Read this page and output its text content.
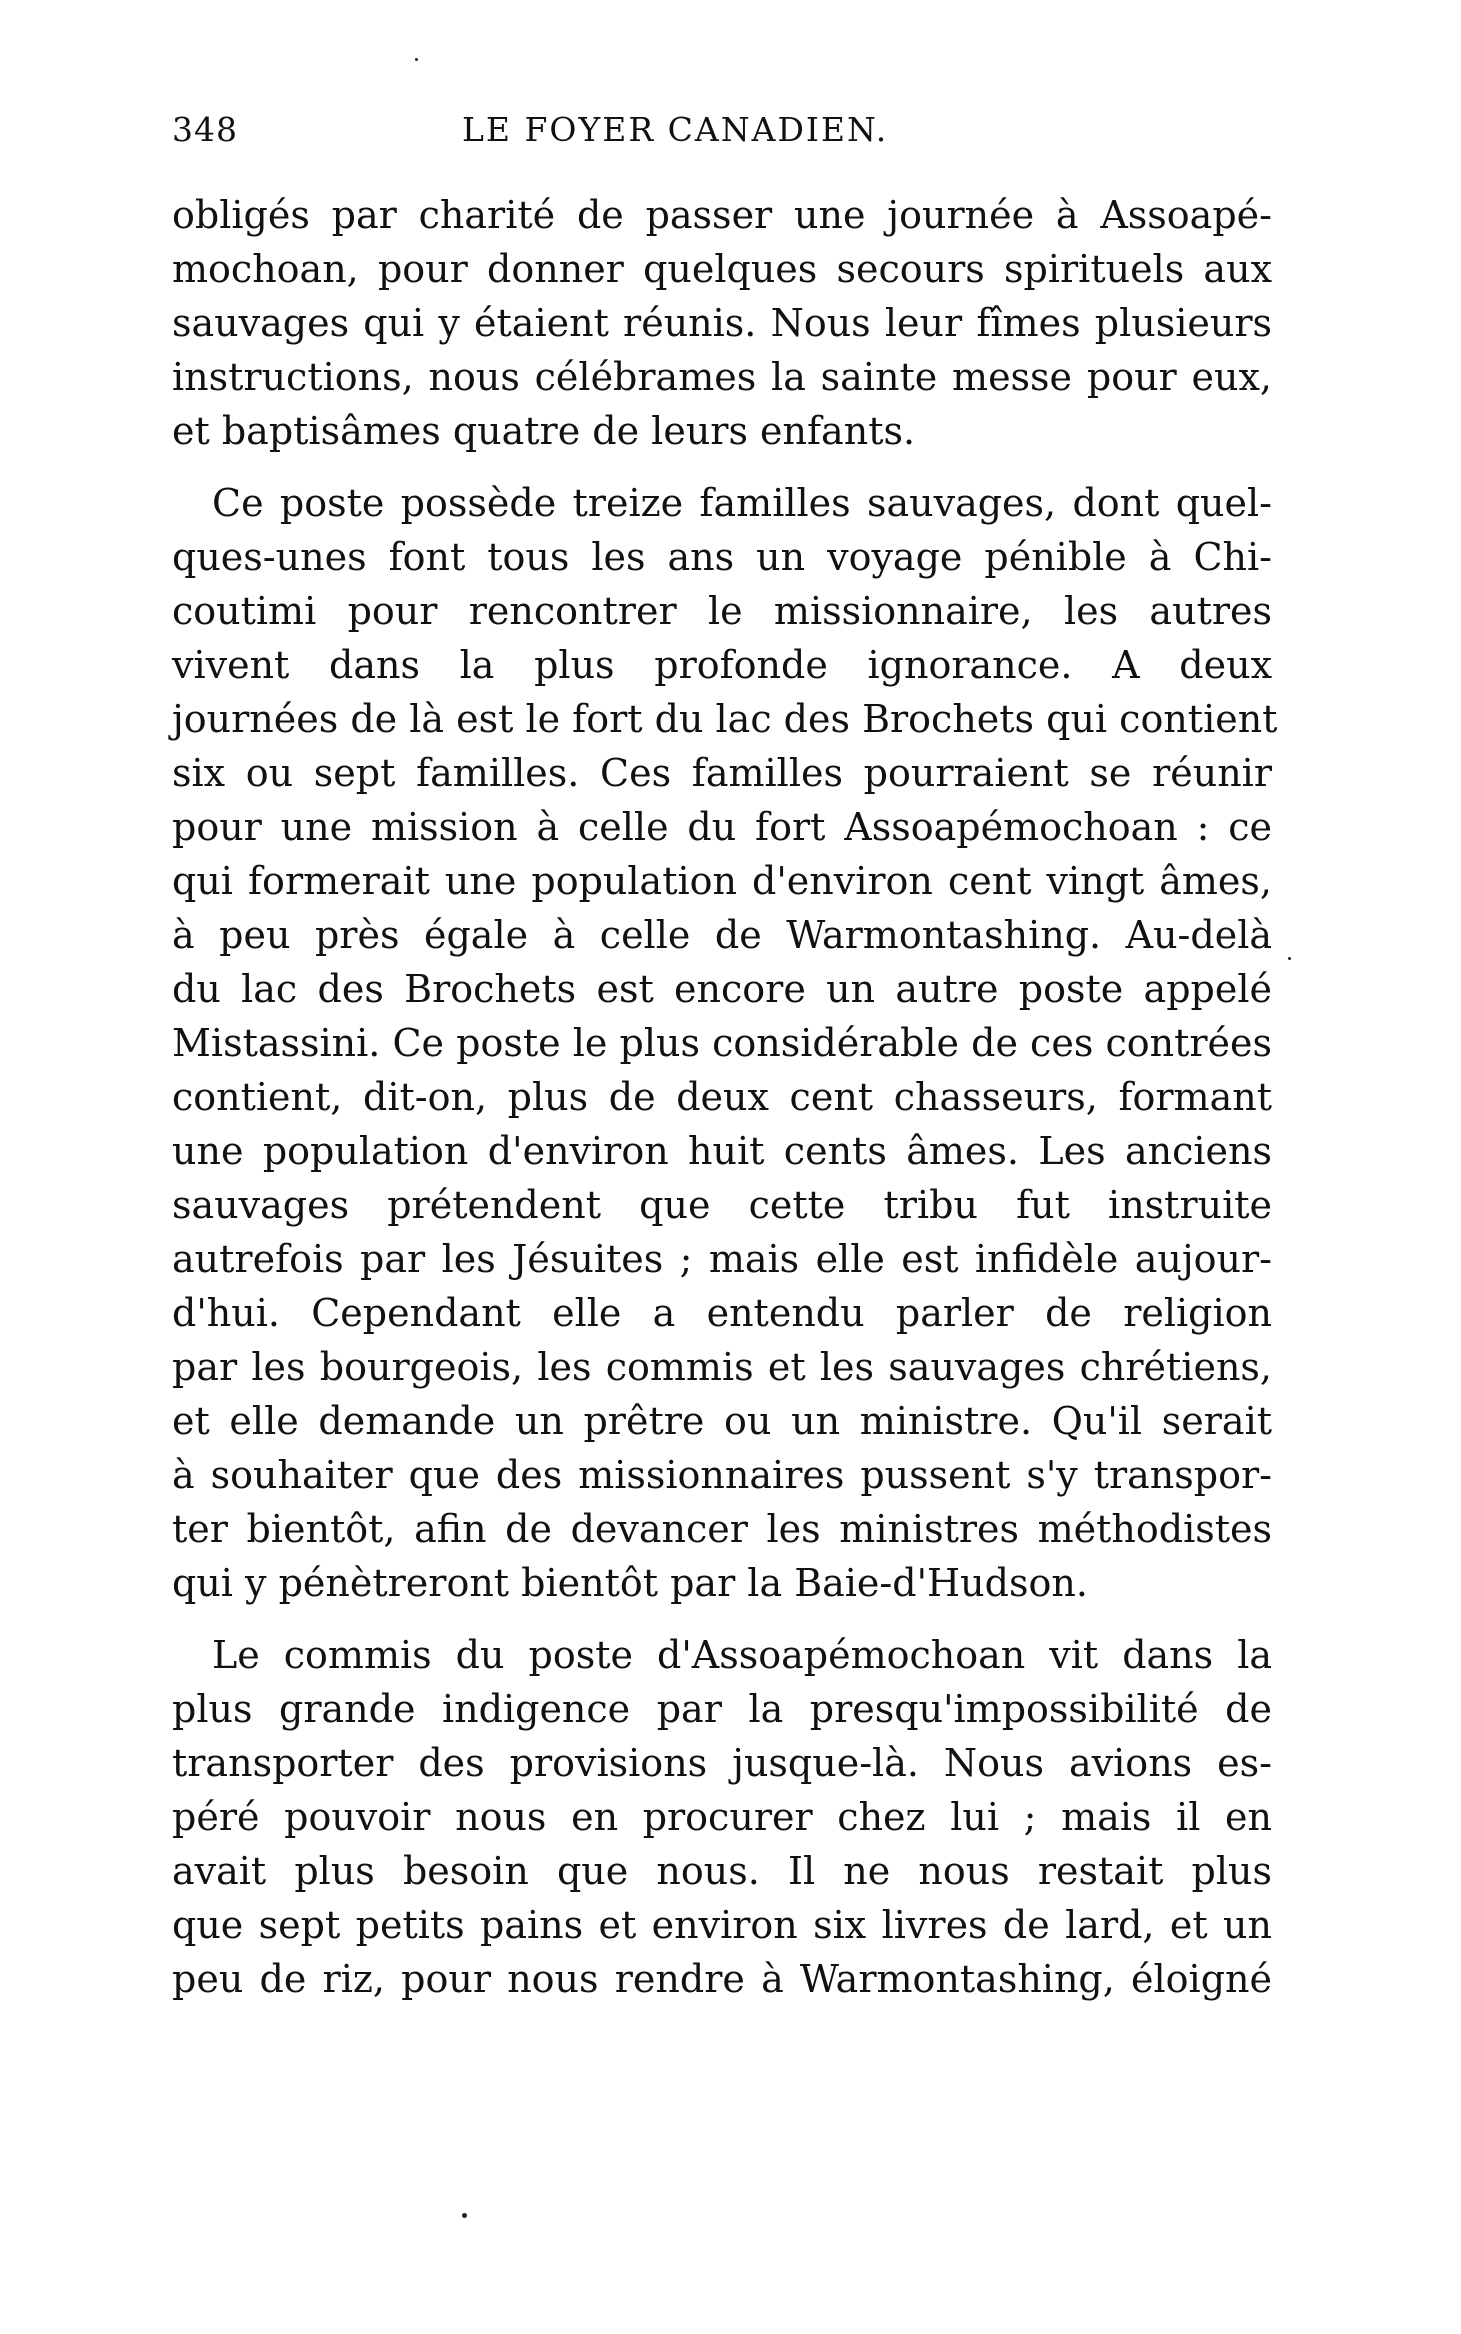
348	LE FOYER CANADIEN.
obligés par charité de passer une journée à Assoapé-
mochoan, pour donner quelques secours spirituels aux
sauvages qui y étaient réunis. Nous leur fîmes plusieurs
instructions, nous célébrames la sainte messe pour eux,
et baptisâmes quatre de leurs enfants.
Ce poste possède treize familles sauvages, dont quel-
ques-unes font tous les ans un voyage pénible à Chi-
coutimi pour rencontrer le missionnaire, les autres
vivent dans la plus profonde ignorance. A deux
journées de là est le fort du lac des Brochets qui contient
six ou sept familles. Ces familles pourraient se réunir
pour une mission à celle du fort Assoapémochoan : ce
qui formerait une population d'environ cent vingt âmes,
à peu près égale à celle de Warmontashing. Au-delà
du lac des Brochets est encore un autre poste appelé
Mistassini. Ce poste le plus considérable de ces contrées
contient, dit-on, plus de deux cent chasseurs, formant
une population d'environ huit cents âmes. Les anciens
sauvages prétendent que cette tribu fut instruite
autrefois par les Jésuites ; mais elle est infidèle aujour-
d'hui. Cependant elle a entendu parler de religion
par les bourgeois, les commis et les sauvages chrétiens,
et elle demande un prêtre ou un ministre. Qu'il serait
à souhaiter que des missionnaires pussent s'y transpor-
ter bientôt, afin de devancer les ministres méthodistes
qui y pénètreront bientôt par la Baie-d'Hudson.
Le commis du poste d'Assoapémochoan vit dans la
plus grande indigence par la presqu'impossibilité de
transporter des provisions jusque-là. Nous avions es-
péré pouvoir nous en procurer chez lui ; mais il en
avait plus besoin que nous. Il ne nous restait plus
que sept petits pains et environ six livres de lard, et un
peu de riz, pour nous rendre à Warmontashing, éloigné
